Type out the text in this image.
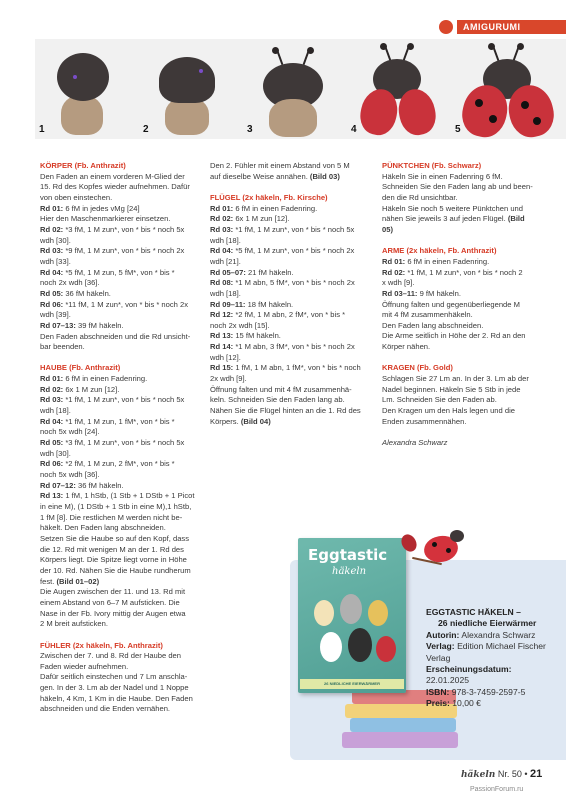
AMIGURUMI
1	2	3	4	5

KÖRPER (Fb. Anthrazit)

Den Faden an einem vorderen M-Glied der

15. Rd des Kopfes wieder aufnehmen. Dafür

von oben einstechen.

Rd 01: 6 fM in jedes vMg [24]

Hier den Maschenmarkierer einsetzen.

Rd 02: *3 fM, 1 M zun*, von * bis * noch 5x

wdh [30].

Rd 03: *9 fM, 1 M zun*, von * bis * noch 2x

wdh [33].

Rd 04: *5 fM, 1 M zun, 5 fM*, von * bis *

noch 2x wdh [36].

Rd 05: 36 fM häkeln.

Rd 06: *11 fM, 1 M zun*, von * bis * noch 2x

wdh [39].

Rd 07–13: 39 fM häkeln.

Den Faden abschneiden und die Rd unsicht-

bar beenden.

HAUBE (Fb. Anthrazit)

Rd 01: 6 fM in einen Fadenring.

Rd 02: 6x 1 M zun [12].

Rd 03: *1 fM, 1 M zun*, von * bis * noch 5x

wdh [18].

Rd 04: *1 fM, 1 M zun, 1 fM*, von * bis *

noch 5x wdh [24].

Rd 05: *3 fM, 1 M zun*, von * bis * noch 5x

wdh [30].

Rd 06: *2 fM, 1 M zun, 2 fM*, von * bis *

noch 5x wdh [36].

Rd 07–12: 36 fM häkeln.

Rd 13: 1 fM, 1 hStb, (1 Stb + 1 DStb + 1 Picot

in eine M), (1 DStb + 1 Stb in eine M),1 hStb,

1 fM [8]. Die restlichen M werden nicht be-

häkelt. Den Faden lang abschneiden.

Setzen Sie die Haube so auf den Kopf, dass

die 12. Rd mit wenigen M an der 1. Rd des

Körpers liegt. Die Spitze liegt vorne in Höhe

der 10. Rd. Nähen Sie die Haube rundherum

fest. (Bild 01–02)

Die Augen zwischen der 11. und 13. Rd mit

einem Abstand von 6–7 M aufsticken. Die

Nase in der Fb. Ivory mittig der Augen etwa

2 M breit aufsticken.

FÜHLER (2x häkeln, Fb. Anthrazit)

Zwischen der 7. und 8. Rd der Haube den

Faden wieder aufnehmen.

Dafür seitlich einstechen und 7 Lm anschla-

gen. In der 3. Lm ab der Nadel und 1 Noppe

häkeln, 4 Km, 1 Km in die Haube. Den Faden

abschneiden und die Enden vernähen.

Den 2. Fühler mit einem Abstand von 5 M

auf dieselbe Weise annähen. (Bild 03)

FLÜGEL (2x häkeln, Fb. Kirsche)

Rd 01: 6 fM in einen Fadenring.

Rd 02: 6x 1 M zun [12].

Rd 03: *1 fM, 1 M zun*, von * bis * noch 5x

wdh [18].

Rd 04: *5 fM, 1 M zun*, von * bis * noch 2x

wdh [21].

Rd 05–07: 21 fM häkeln.

Rd 08: *1 M abn, 5 fM*, von * bis * noch 2x

wdh [18].

Rd 09–11: 18 fM häkeln.

Rd 12: *2 fM, 1 M abn, 2 fM*, von * bis *

noch 2x wdh [15].

Rd 13: 15 fM häkeln.

Rd 14: *1 M abn, 3 fM*, von * bis * noch 2x

wdh [12].

Rd 15: 1 fM, 1 M abn, 1 fM*, von * bis * noch

2x wdh [9].

Öffnung falten und mit 4 fM zusammenhä-

keln. Schneiden Sie den Faden lang ab.

Nähen Sie die Flügel hinten an die 1. Rd des

Körpers. (Bild 04)

PÜNKTCHEN (Fb. Schwarz)

Häkeln Sie in einen Fadenring 6 fM.

Schneiden Sie den Faden lang ab und been-

den die Rd unsichtbar.

Häkeln Sie noch 5 weitere Pünktchen und

nähen Sie jeweils 3 auf jeden Flügel. (Bild

05)

ARME (2x häkeln, Fb. Anthrazit)

Rd 01: 6 fM in einen Fadenring.

Rd 02: *1 fM, 1 M zun*, von * bis * noch 2

x wdh [9].

Rd 03–11: 9 fM häkeln.

Öffnung falten und gegenüberliegende M

mit 4 fM zusammenhäkeln.

Den Faden lang abschneiden.

Die Arme seitlich in Höhe der 2. Rd an den

Körper nähen.

KRAGEN (Fb. Gold)

Schlagen Sie 27 Lm an. In der 3. Lm ab der

Nadel beginnen. Häkeln Sie 5 Stb in jede

Lm. Schneiden Sie den Faden ab.

Den Kragen um den Hals legen und die

Enden zusammennähen.

Alexandra Schwarz

Eggtastic
häkeln
26 NIEDLICHE EIERWÄRMER
EGGTASTIC HÄKELN –
26 niedliche Eierwärmer
Autorin: Alexandra Schwarz
Verlag: Edition Michael Fischer Verlag
Erscheinungsdatum:
22.01.2025
ISBN: 978-3-7459-2597-5
Preis: 10,00 €
häkeln Nr. 50 • 21
PassionForum.ru
